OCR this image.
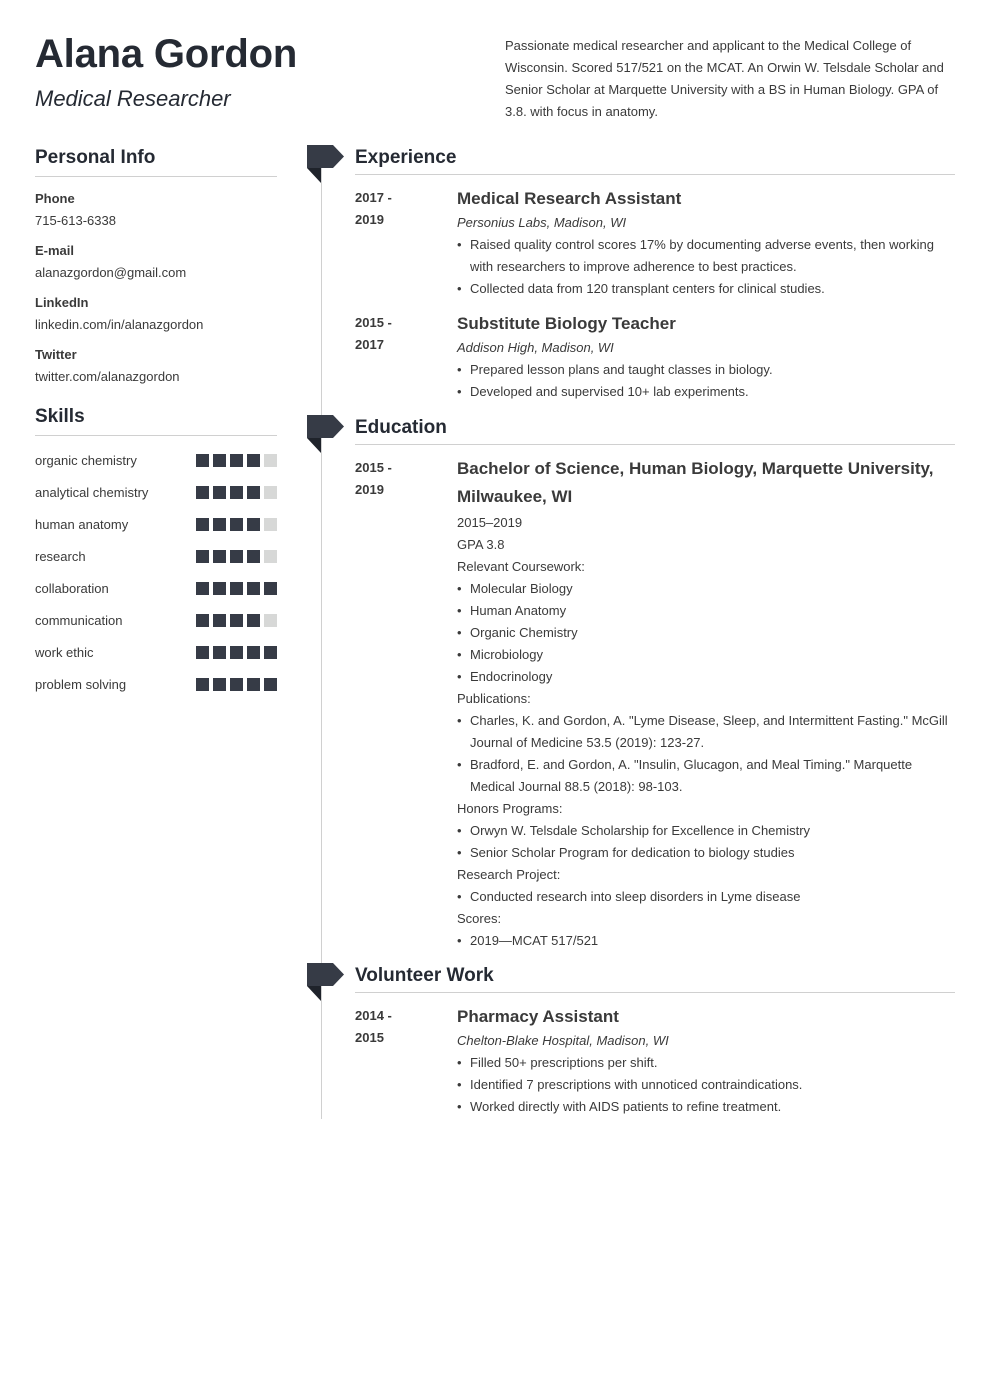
Alana Gordon
Medical Researcher

Passionate medical researcher and applicant to the Medical College of Wisconsin. Scored 517/521 on the MCAT. An Orwin W. Telsdale Scholar and Senior Scholar at Marquette University with a BS in Human Biology. GPA of 3.8. with focus in anatomy.

Personal Info
Phone
715-613-6338
E-mail
alanazgordon@gmail.com
LinkedIn
linkedin.com/in/alanazgordon
Twitter
twitter.com/alanazgordon
Skills
organic chemistry
analytical chemistry
human anatomy
research
collaboration
communication
work ethic
problem solving
Experience
2017 -
2019
Medical Research Assistant
Personius Labs, Madison, WI
• Raised quality control scores 17% by documenting adverse events, then working with researchers to improve adherence to best practices.
• Collected data from 120 transplant centers for clinical studies.
2015 -
2017
Substitute Biology Teacher
Addison High, Madison, WI
• Prepared lesson plans and taught classes in biology.
• Developed and supervised 10+ lab experiments.
Education
2015 -
2019
Bachelor of Science, Human Biology, Marquette University, Milwaukee, WI
2015–2019
GPA 3.8
Relevant Coursework:
• Molecular Biology
• Human Anatomy
• Organic Chemistry
• Microbiology
• Endocrinology
Publications:
• Charles, K. and Gordon, A. "Lyme Disease, Sleep, and Intermittent Fasting." McGill Journal of Medicine 53.5 (2019): 123-27.
• Bradford, E. and Gordon, A. "Insulin, Glucagon, and Meal Timing." Marquette Medical Journal 88.5 (2018): 98-103.
Honors Programs:
• Orwyn W. Telsdale Scholarship for Excellence in Chemistry
• Senior Scholar Program for dedication to biology studies
Research Project:
• Conducted research into sleep disorders in Lyme disease
Scores:
• 2019—MCAT 517/521
Volunteer Work
2014 -
2015
Pharmacy Assistant
Chelton-Blake Hospital, Madison, WI
• Filled 50+ prescriptions per shift.
• Identified 7 prescriptions with unnoticed contraindications.
• Worked directly with AIDS patients to refine treatment.
